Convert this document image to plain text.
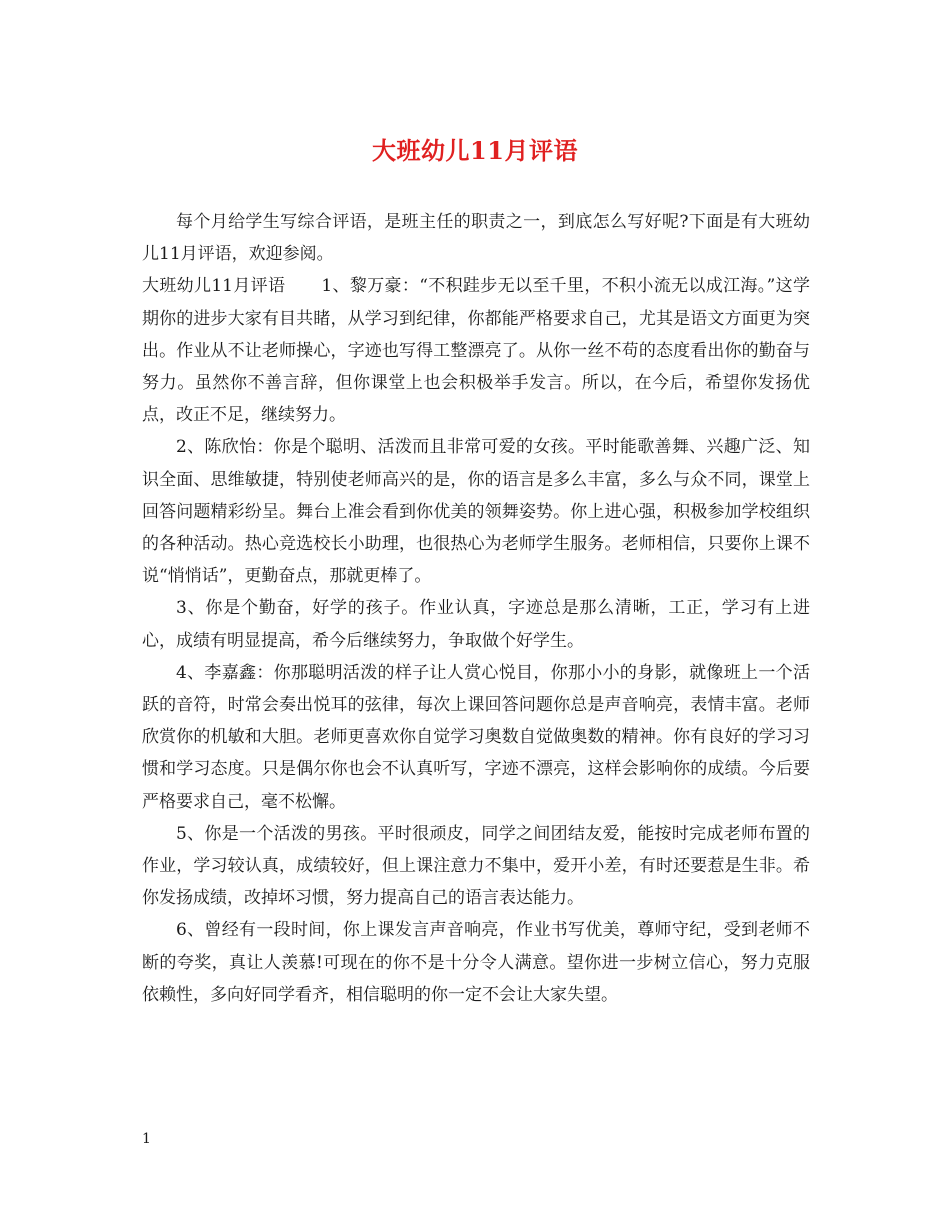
大班幼儿11月评语

每个月给学生写综合评语，是班主任的职责之一，到底怎么写好呢?下面是有大班幼儿11月评语，欢迎参阅。

大班幼儿11月评语 1、黎万豪：“不积跬步无以至千里，不积小流无以成江海。”这学期你的进步大家有目共睹，从学习到纪律，你都能严格要求自己，尤其是语文方面更为突出。作业从不让老师操心，字迹也写得工整漂亮了。从你一丝不苟的态度看出你的勤奋与努力。虽然你不善言辞，但你课堂上也会积极举手发言。所以，在今后，希望你发扬优点，改正不足，继续努力。

2、陈欣怡：你是个聪明、活泼而且非常可爱的女孩。平时能歌善舞、兴趣广泛、知识全面、思维敏捷，特别使老师高兴的是，你的语言是多么丰富，多么与众不同，课堂上回答问题精彩纷呈。舞台上准会看到你优美的领舞姿势。你上进心强，积极参加学校组织的各种活动。热心竞选校长小助理，也很热心为老师学生服务。老师相信，只要你上课不说“悄悄话”，更勤奋点，那就更棒了。

3、你是个勤奋，好学的孩子。作业认真，字迹总是那么清晰，工正，学习有上进心，成绩有明显提高，希今后继续努力，争取做个好学生。

4、李嘉鑫：你那聪明活泼的样子让人赏心悦目，你那小小的身影，就像班上一个活跃的音符，时常会奏出悦耳的弦律，每次上课回答问题你总是声音响亮，表情丰富。老师欣赏你的机敏和大胆。老师更喜欢你自觉学习奥数自觉做奥数的精神。你有良好的学习习惯和学习态度。只是偶尔你也会不认真听写，字迹不漂亮，这样会影响你的成绩。今后要严格要求自己，毫不松懈。

5、你是一个活泼的男孩。平时很顽皮，同学之间团结友爱，能按时完成老师布置的作业，学习较认真，成绩较好，但上课注意力不集中，爱开小差，有时还要惹是生非。希你发扬成绩，改掉坏习惯，努力提高自己的语言表达能力。

6、曾经有一段时间，你上课发言声音响亮，作业书写优美，尊师守纪，受到老师不断的夸奖，真让人羡慕!可现在的你不是十分令人满意。望你进一步树立信心，努力克服依赖性，多向好同学看齐，相信聪明的你一定不会让大家失望。

1
